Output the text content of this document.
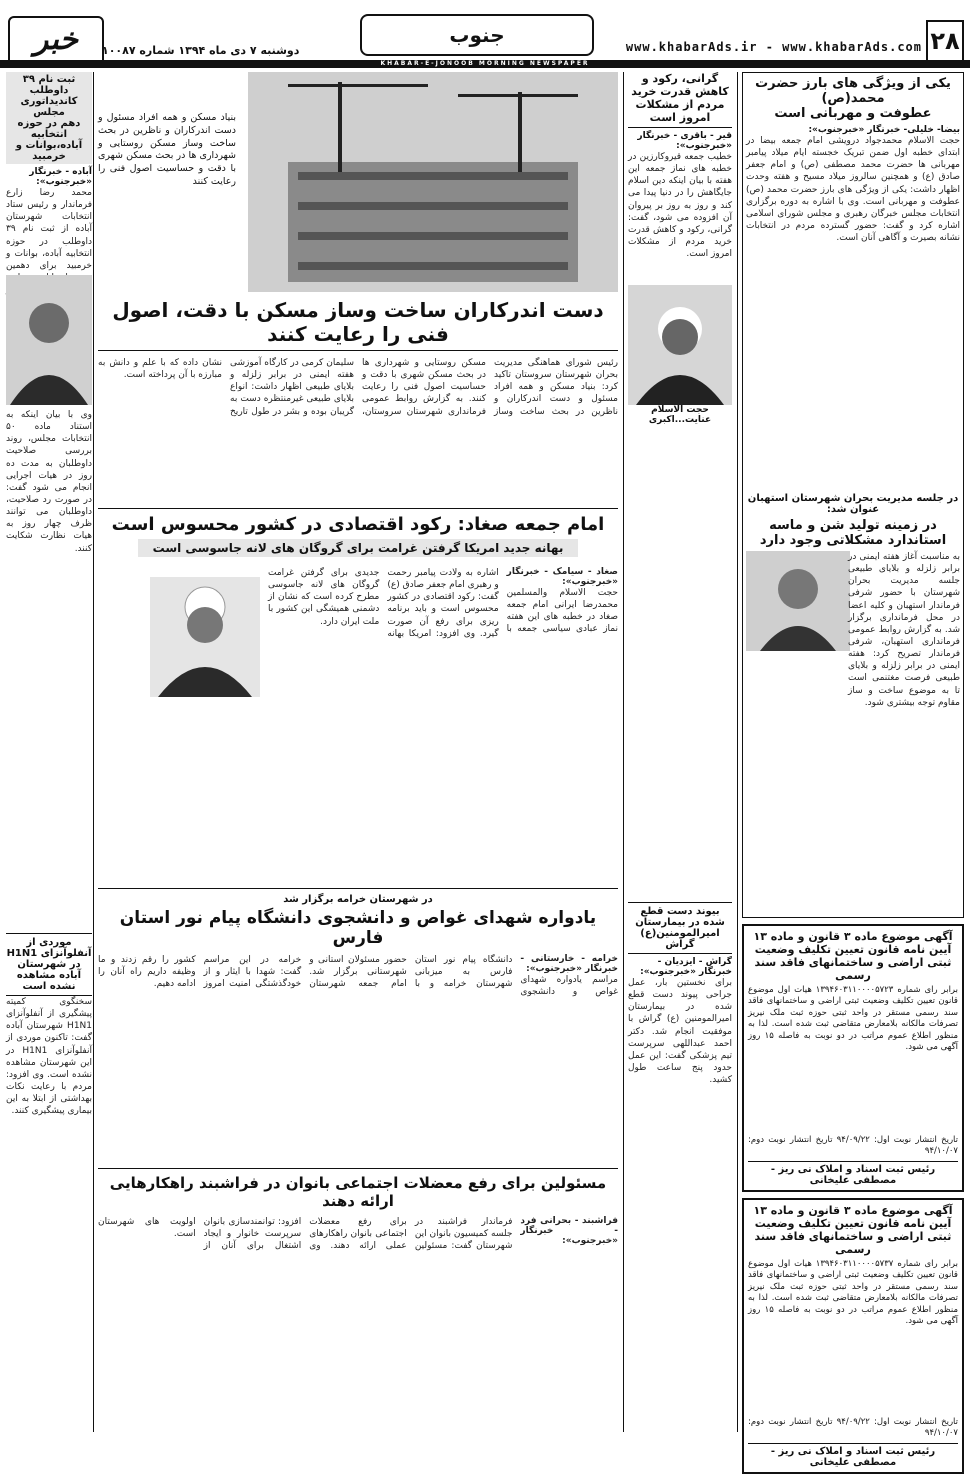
۲۸
www.khabarAds.ir - www.khabarAds.com
جنوب
دوشنبه ۷ دی ماه ۱۳۹۴ شماره ۱۰۰۸۷
خبر
KHABAR-E-JONOOB MORNING NEWSPAPER
یکی از ویژگی های بارز حضرت محمد(ص)
عطوفت و مهربانی است
بیضا- خلیلی- خبرنگار «خبرجنوب»:

حجت الاسلام محمدجواد درویشی امام جمعه بیضا در ابتدای خطبه اول ضمن تبریک خجسته ایام میلاد پیامبر مهربانی ها حضرت محمد مصطفی (ص) و امام جعفر صادق (ع) و همچنین سالروز میلاد مسیح و هفته وحدت اظهار داشت: یکی از ویژگی های بارز حضرت محمد (ص) عطوفت و مهربانی است. وی با اشاره به دوره برگزاری انتخابات مجلس خبرگان رهبری و مجلس شورای اسلامی اشاره کرد و گفت: حضور گسترده مردم در انتخابات نشانه بصیرت و آگاهی آنان است.

در جلسه مدیریت بحران شهرستان استهبان عنوان شد:
در زمینه تولید شن و ماسه استاندارد مشکلاتی وجود دارد

به مناسبت آغاز هفته ایمنی در برابر زلزله و بلایای طبیعی جلسه مدیریت بحران شهرستان با حضور شرفی فرماندار استهبان و کلیه اعضا در محل فرمانداری برگزار شد. به گزارش روابط عمومی فرمانداری استهبان، شرفی فرماندار تصریح کرد: هفته ایمنی در برابر زلزله و بلایای طبیعی فرصت مغتنمی است تا به موضوع ساخت و ساز مقاوم توجه بیشتری شود.

آگهی موضوع ماده ۳ قانون و ماده ۱۳ آیین نامه قانون تعیین تکلیف وضعیت ثبتی اراضی و ساختمانهای فاقد سند رسمی
برابر رای شماره ۱۳۹۴۶۰۳۱۱۰۰۰۰۵۷۲۳ هیات اول موضوع قانون تعیین تکلیف وضعیت ثبتی اراضی و ساختمانهای فاقد سند رسمی مستقر در واحد ثبتی حوزه ثبت ملک نیریز تصرفات مالکانه بلامعارض متقاضی ثبت شده است. لذا به منظور اطلاع عموم مراتب در دو نوبت به فاصله ۱۵ روز آگهی می شود.
تاریخ انتشار نوبت اول: ۹۴/۰۹/۲۲ تاریخ انتشار نوبت دوم: ۹۴/۱۰/۰۷
رئیس ثبت اسناد و املاک نی ریز - مصطفی علیخانی
آگهی موضوع ماده ۳ قانون و ماده ۱۳ آیین نامه قانون تعیین تکلیف وضعیت ثبتی اراضی و ساختمانهای فاقد سند رسمی
برابر رای شماره ۱۳۹۴۶۰۳۱۱۰۰۰۰۵۷۳۷ هیات اول موضوع قانون تعیین تکلیف وضعیت ثبتی اراضی و ساختمانهای فاقد سند رسمی مستقر در واحد ثبتی حوزه ثبت ملک نیریز تصرفات مالکانه بلامعارض متقاضی ثبت شده است. لذا به منظور اطلاع عموم مراتب در دو نوبت به فاصله ۱۵ روز آگهی می شود.
تاریخ انتشار نوبت اول: ۹۴/۰۹/۲۲ تاریخ انتشار نوبت دوم: ۹۴/۱۰/۰۷
رئیس ثبت اسناد و املاک نی ریز - مصطفی علیخانی
گرانی، رکود و کاهش قدرت خرید مردم از مشکلات امروز است
قیر - باقری - خبرنگار «خبرجنوب»:

خطیب جمعه قیروکارزین در خطبه های نماز جمعه این هفته با بیان اینکه دین اسلام جایگاهش را در دنیا پیدا می کند و روز به روز بر پیروان آن افزوده می شود، گفت: گرانی، رکود و کاهش قدرت خرید مردم از مشکلات امروز است.

حجت الاسلام عنایت...اکبری
بیوند دست قطع شده در بیمارستان امیرالمومنین(ع) گراش
گراش - ایزدیان - خبرنگار «خبرجنوب»:

برای نخستین بار، عمل جراحی پیوند دست قطع شده در بیمارستان امیرالمومنین (ع) گراش با موفقیت انجام شد. دکتر احمد عبداللهی سرپرست تیم پزشکی گفت: این عمل حدود پنج ساعت طول کشید.

بنیاد مسکن و همه افراد مسئول و دست اندرکاران و ناظرین در بحث ساخت وساز مسکن روستایی و شهرداری ها در بحث مسکن شهری با دقت و حساسیت اصول فنی را رعایت کنند
دست اندرکاران ساخت وساز مسکن با دقت، اصول فنی را رعایت کنند

رئیس شورای هماهنگی مدیریت بحران شهرستان سروستان تاکید کرد: بنیاد مسکن و همه افراد مسئول و دست اندرکاران و ناظرین در بحث ساخت وساز مسکن روستایی و شهرداری ها در بحث مسکن شهری با دقت و حساسیت اصول فنی را رعایت کنند. به گزارش روابط عمومی فرمانداری شهرستان سروستان، سلیمان کرمی در کارگاه آموزشی هفته ایمنی در برابر زلزله و بلایای طبیعی اظهار داشت: انواع بلایای طبیعی غیرمنتظره دست به گریبان بوده و بشر در طول تاریخ نشان داده که با علم و دانش به مبارزه با آن پرداخته است.

امام جمعه صغاد: رکود اقتصادی در کشور محسوس است
بهانه جدید امریکا گرفتن غرامت برای گروگان های لانه جاسوسی است
صغاد - سیامک - خبرنگار «خبرجنوب»:

حجت الاسلام والمسلمین محمدرضا ایرانی امام جمعه صغاد در خطبه های این هفته نماز عبادی سیاسی جمعه با اشاره به ولادت پیامبر رحمت و رهبری امام جعفر صادق (ع) گفت: رکود اقتصادی در کشور محسوس است و باید برنامه ریزی برای رفع آن صورت گیرد. وی افزود: امریکا بهانه جدیدی برای گرفتن غرامت گروگان های لانه جاسوسی مطرح کرده است که نشان از دشمنی همیشگی این کشور با ملت ایران دارد.

در شهرستان خرامه برگزار شد
یادواره شهدای غواص و دانشجوی دانشگاه پیام نور استان فارس
خرامه - خارستانی - خبرنگار «خبرجنوب»:

مراسم یادواره شهدای غواص و دانشجوی دانشگاه پیام نور استان فارس به میزبانی شهرستان خرامه و با حضور مسئولان استانی و شهرستانی برگزار شد. امام جمعه شهرستان خرامه در این مراسم گفت: شهدا با ایثار و از خودگذشتگی امنیت امروز کشور را رقم زدند و ما وظیفه داریم راه آنان را ادامه دهیم.

مسئولین برای رفع معضلات اجتماعی بانوان در فراشبند راهکارهایی ارائه دهند
فراشبند - بحرانی فرد - خبرنگار «خبرجنوب»:

فرماندار فراشبند در جلسه کمیسیون بانوان این شهرستان گفت: مسئولین برای رفع معضلات اجتماعی بانوان راهکارهای عملی ارائه دهند. وی افزود: توانمندسازی بانوان سرپرست خانوار و ایجاد اشتغال برای آنان از اولویت های شهرستان است.

ثبت نام ۳۹ داوطلب
کاندیداتوری مجلس
دهم در حوزه انتخابیه
آباده،بوانات و خرمبید
آباده - خبرنگار «خبرجنوب»:

محمد رضا زارع فرماندار و رئیس ستاد انتخابات شهرستان آباده از ثبت نام ۳۹ داوطلب در حوزه انتخابیه آباده، بوانات و خرمبید برای دهمین

وی با بیان اینکه به استناد ماده ۵۰ انتخابات مجلس، روند بررسی صلاحیت داوطلبان به مدت ده روز در هیات اجرایی انجام می شود گفت: در صورت رد صلاحیت، داوطلبان می توانند ظرف چهار روز به هیات نظارت شکایت کنند.

موردی از آنفلوآنزای H1N1 در شهرستان آباده مشاهده نشده است

سخنگوی کمیته پیشگیری از آنفلوآنزای H1N1 شهرستان آباده گفت: تاکنون موردی از آنفلوآنزای H1N1 در این شهرستان مشاهده نشده است. وی افزود: مردم با رعایت نکات بهداشتی از ابتلا به این بیماری پیشگیری کنند.
